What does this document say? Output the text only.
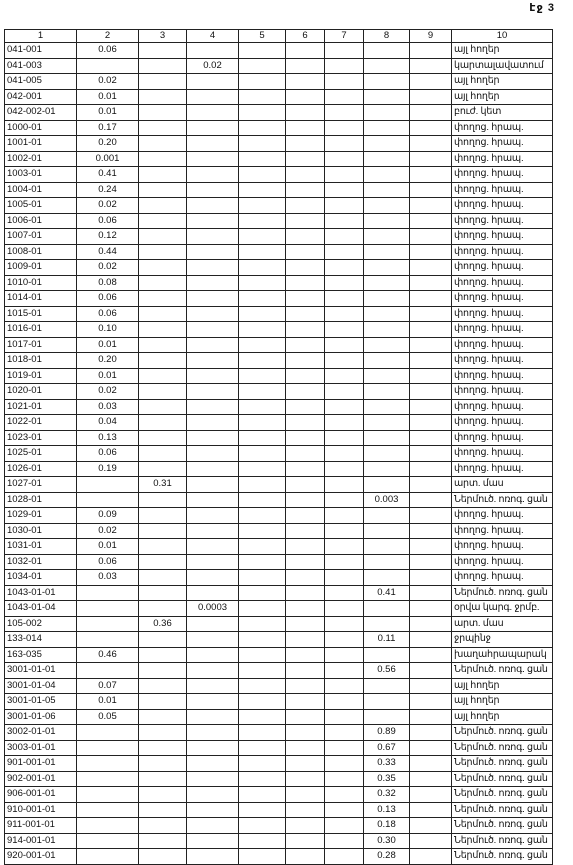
էջ 3
1	2	3	4	5	6	7	8	9	10
041-001	0.06								այլ հողեր
041-003			0.02						կարտալավատում
041-005	0.02								այլ հողեր
042-001	0.01								այլ հողեր
042-002-01	0.01								բուժ. կետ
1000-01	0.17								փողոց. հրապ.
1001-01	0.20								փողոց. հրապ.
1002-01	0.001								փողոց. հրապ.
1003-01	0.41								փողոց. հրապ.
1004-01	0.24								փողոց. հրապ.
1005-01	0.02								փողոց. հրապ.
1006-01	0.06								փողոց. հրապ.
1007-01	0.12								փողոց. հրապ.
1008-01	0.44								փողոց. հրապ.
1009-01	0.02								փողոց. հրապ.
1010-01	0.08								փողոց. հրապ.
1014-01	0.06								փողոց. հրապ.
1015-01	0.06								փողոց. հրապ.
1016-01	0.10								փողոց. հրապ.
1017-01	0.01								փողոց. հրապ.
1018-01	0.20								փողոց. հրապ.
1019-01	0.01								փողոց. հրապ.
1020-01	0.02								փողոց. հրապ.
1021-01	0.03								փողոց. հրապ.
1022-01	0.04								փողոց. հրապ.
1023-01	0.13								փողոց. հրապ.
1025-01	0.06								փողոց. հրապ.
1026-01	0.19								փողոց. հրապ.
1027-01		0.31							արտ. մաս
1028-01							0.003		Ներմուծ. ոռոգ. ցան
1029-01	0.09								փողոց. հրապ.
1030-01	0.02								փողոց. հրապ.
1031-01	0.01								փողոց. հրապ.
1032-01	0.06								փողոց. հրապ.
1034-01	0.03								փողոց. հրապ.
1043-01-01							0.41		Ներմուծ. ոռոգ. ցան
1043-01-04			0.0003						օրվա կարգ. ջրմբ.
105-002		0.36							արտ. մաս
133-014							0.11		ջրպինջ
163-035	0.46								խաղահրապարակ
3001-01-01							0.56		Ներմուծ. ոռոգ. ցան
3001-01-04	0.07								այլ հողեր
3001-01-05	0.01								այլ հողեր
3001-01-06	0.05								այլ հողեր
3002-01-01							0.89		Ներմուծ. ոռոգ. ցան
3003-01-01							0.67		Ներմուծ. ոռոգ. ցան
901-001-01							0.33		Ներմուծ. ոռոգ. ցան
902-001-01							0.35		Ներմուծ. ոռոգ. ցան
906-001-01							0.32		Ներմուծ. ոռոգ. ցան
910-001-01							0.13		Ներմուծ. ոռոգ. ցան
911-001-01							0.18		Ներմուծ. ոռոգ. ցան
914-001-01							0.30		Ներմուծ. ոռոգ. ցան
920-001-01							0.28		Ներմուծ. ոռոգ. ցան
